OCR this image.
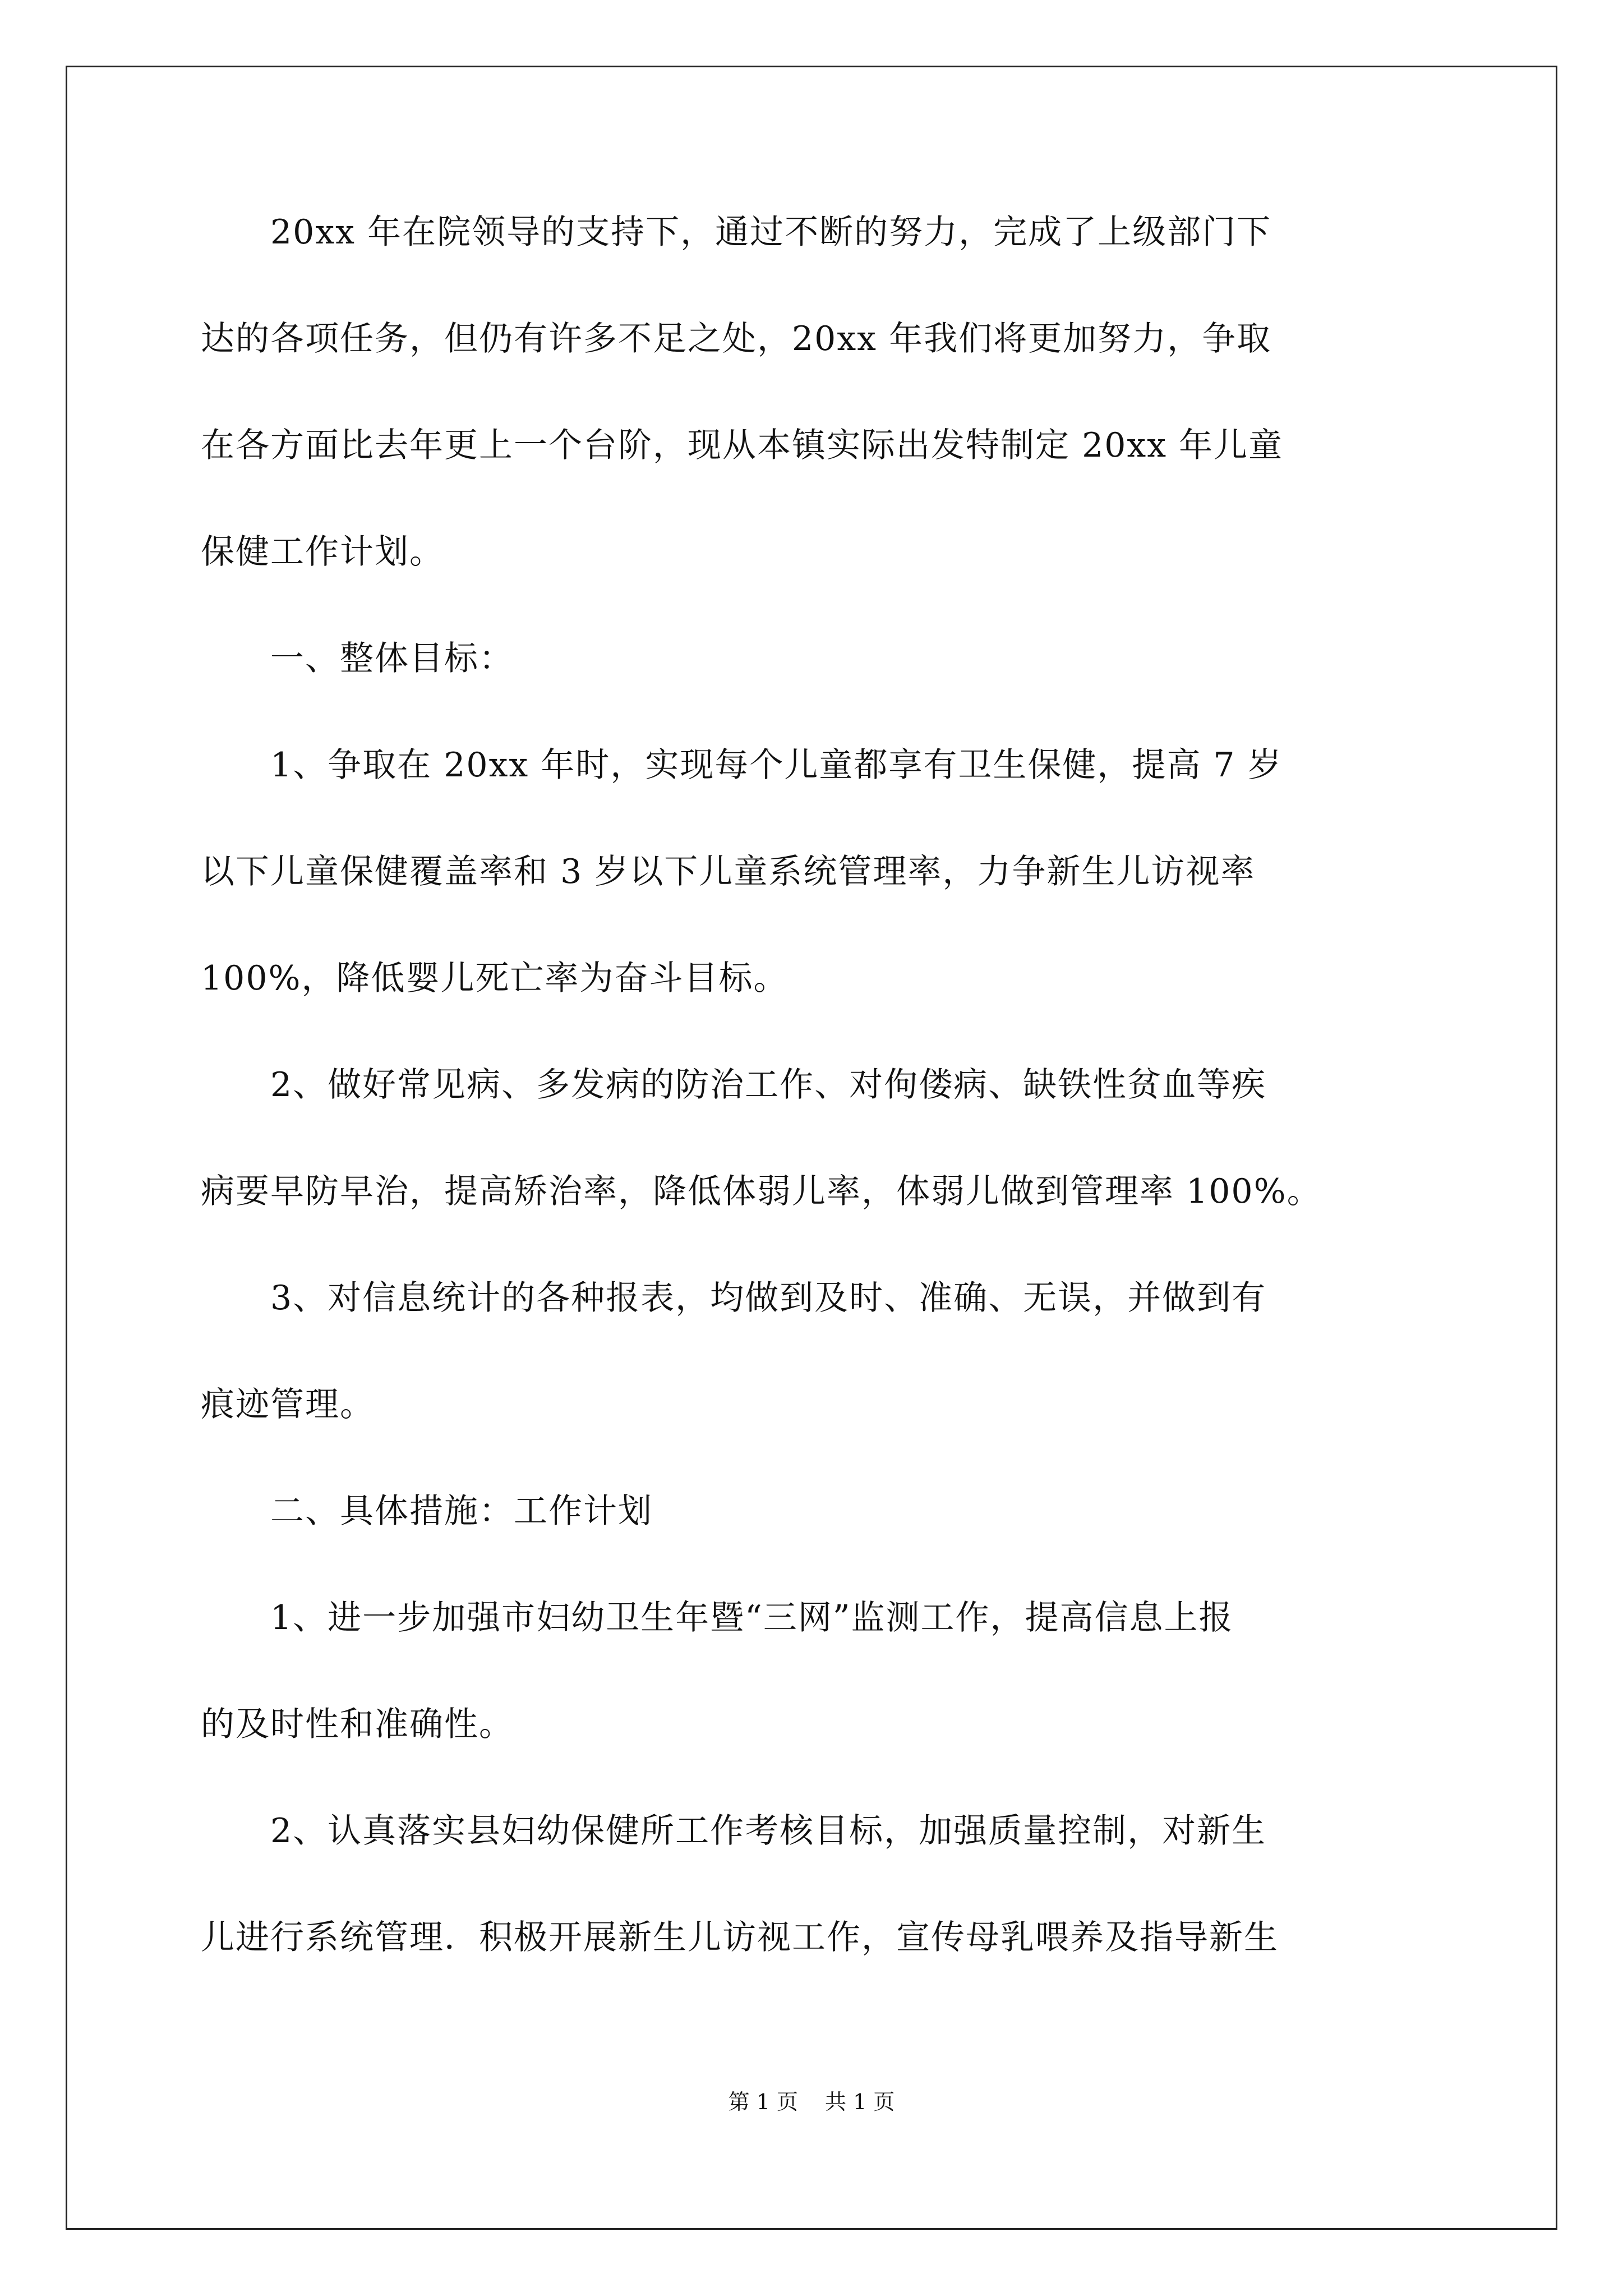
　　20xx 年在院领导的支持下，通过不断的努力，完成了上级部门下
达的各项任务，但仍有许多不足之处，20xx 年我们将更加努力，争取
在各方面比去年更上一个台阶，现从本镇实际出发特制定 20xx 年儿童
保健工作计划。
　　一、整体目标：
　　1、争取在 20xx 年时，实现每个儿童都享有卫生保健，提高 7 岁
以下儿童保健覆盖率和 3 岁以下儿童系统管理率，力争新生儿访视率
100%，降低婴儿死亡率为奋斗目标。
　　2、做好常见病、多发病的防治工作、对佝偻病、缺铁性贫血等疾
病要早防早治，提高矫治率，降低体弱儿率，体弱儿做到管理率 100%。
　　3、对信息统计的各种报表，均做到及时、准确、无误，并做到有
痕迹管理。
　　二、具体措施：工作计划
　　1、进一步加强市妇幼卫生年暨“三网”监测工作，提高信息上报
的及时性和准确性。
　　2、认真落实县妇幼保健所工作考核目标，加强质量控制，对新生
儿进行系统管理．积极开展新生儿访视工作，宣传母乳喂养及指导新生
第 1 页 共 1 页
